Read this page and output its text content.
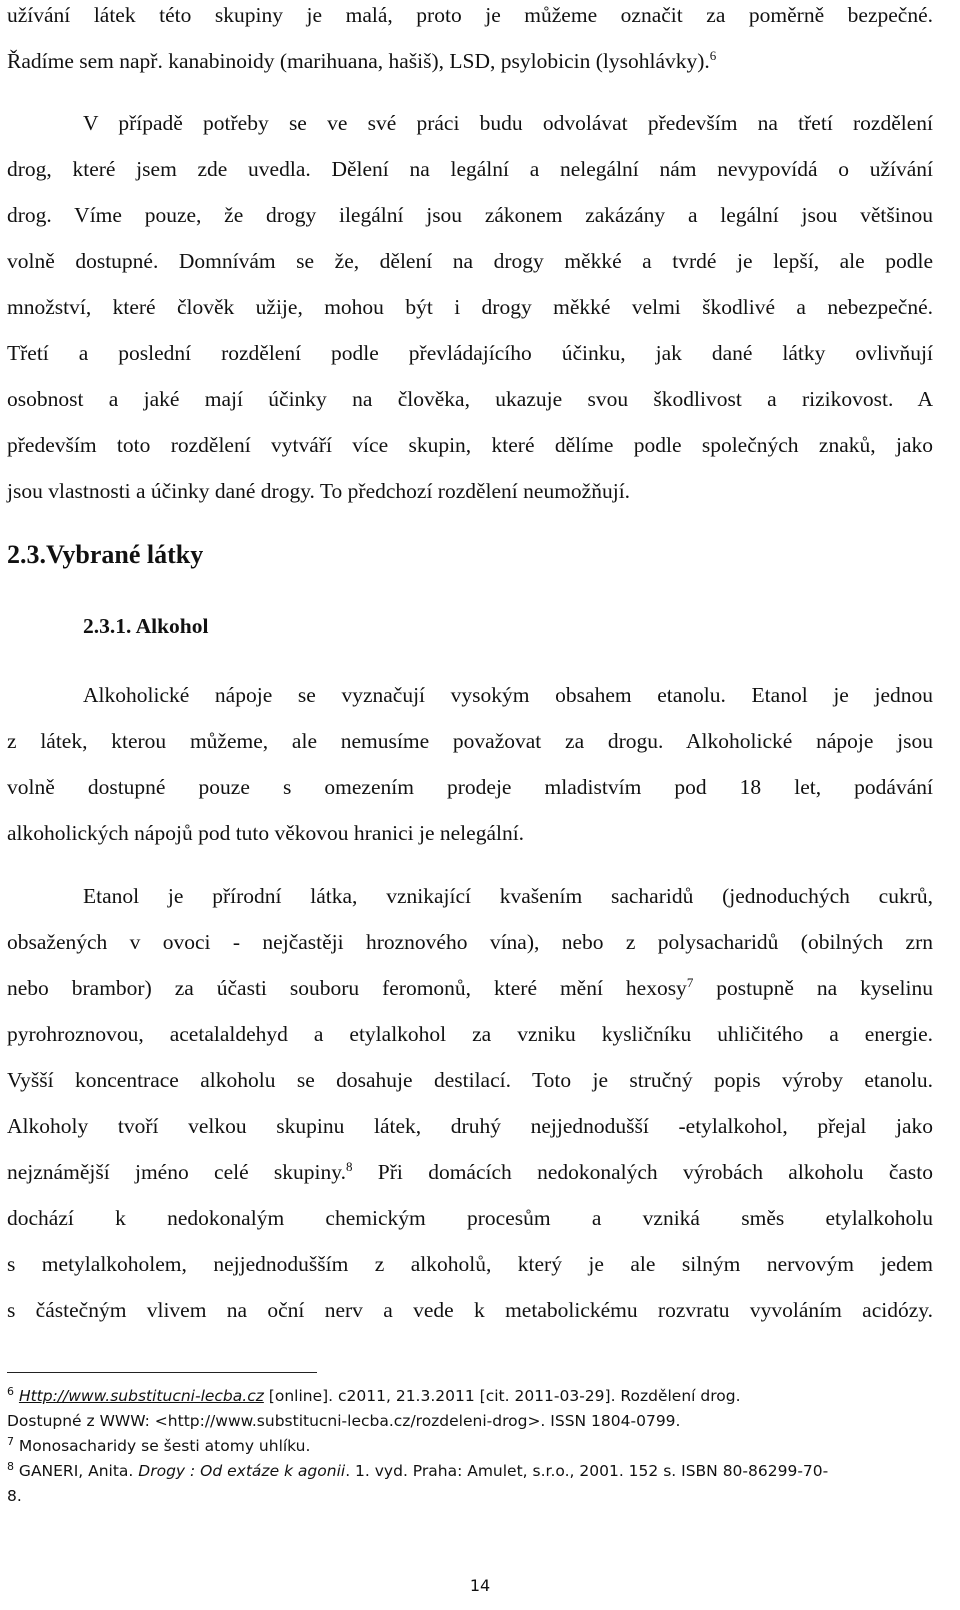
užívání látek této skupiny je malá, proto je můžeme označit za poměrně bezpečné.
Řadíme sem např. kanabinoidy (marihuana, hašiš), LSD, psylobicin (lysohlávky).$^6$
V případě potřeby se ve své práci budu odvolávat především na třetí rozdělení
drog, které jsem zde uvedla. Dělení na legální a nelegální nám nevypovídá o užívání
drog. Víme pouze, že drogy ilegální jsou zákonem zakázány a legální jsou většinou
volně dostupné. Domnívám se že, dělení na drogy měkké a tvrdé je lepší, ale podle
množství, které člověk užije, mohou být i drogy měkké velmi škodlivé a nebezpečné.
Třetí a poslední rozdělení podle převládajícího účinku, jak dané látky ovlivňují
osobnost a jaké mají účinky na člověka, ukazuje svou škodlivost a rizikovost. A
především toto rozdělení vytváří více skupin, které dělíme podle společných znaků, jako
jsou vlastnosti a účinky dané drogy. To předchozí rozdělení neumožňují.
2.3.Vybrané látky
2.3.1. Alkohol
Alkoholické nápoje se vyznačují vysokým obsahem etanolu. Etanol je jednou
z látek, kterou můžeme, ale nemusíme považovat za drogu. Alkoholické nápoje jsou
volně dostupné pouze s omezením prodeje mladistvím pod 18 let, podávání
alkoholických nápojů pod tuto věkovou hranici je nelegální.
Etanol je přírodní látka, vznikající kvašením sacharidů (jednoduchých cukrů,
obsažených v ovoci - nejčastěji hroznového vína), nebo z polysacharidů (obilných zrn
nebo brambor) za účasti souboru feromonů, které mění hexosy$^7$ postupně na kyselinu
pyrohroznovou, acetalaldehyd a etylalkohol za vzniku kysličníku uhličitého a energie.
Vyšší koncentrace alkoholu se dosahuje destilací. Toto je stručný popis výroby etanolu.
Alkoholy tvoří velkou skupinu látek, druhý nejjednodušší -etylalkohol, přejal jako
nejznámější jméno celé skupiny.$^8$ Při domácích nedokonalých výrobách alkoholu často
dochází k nedokonalým chemickým procesům a vzniká směs etylalkoholu
s metylalkoholem, nejjednodušším z alkoholů, který je ale silným nervovým jedem
s částečným vlivem na oční nerv a vede k metabolickému rozvratu vyvoláním acidózy.
$^6$ Http://www.substitucni-lecba.cz [online]. c2011, 21.3.2011 [cit. 2011-03-29]. Rozdělení drog.
Dostupné z WWW: <http://www.substitucni-lecba.cz/rozdeleni-drog>. ISSN 1804-0799.
$^7$ Monosacharidy se šesti atomy uhlíku.
$^8$ GANERI, Anita. Drogy : Od extáze k agonii. 1. vyd. Praha: Amulet, s.r.o., 2001. 152 s. ISBN 80-86299-70-
8.
14
